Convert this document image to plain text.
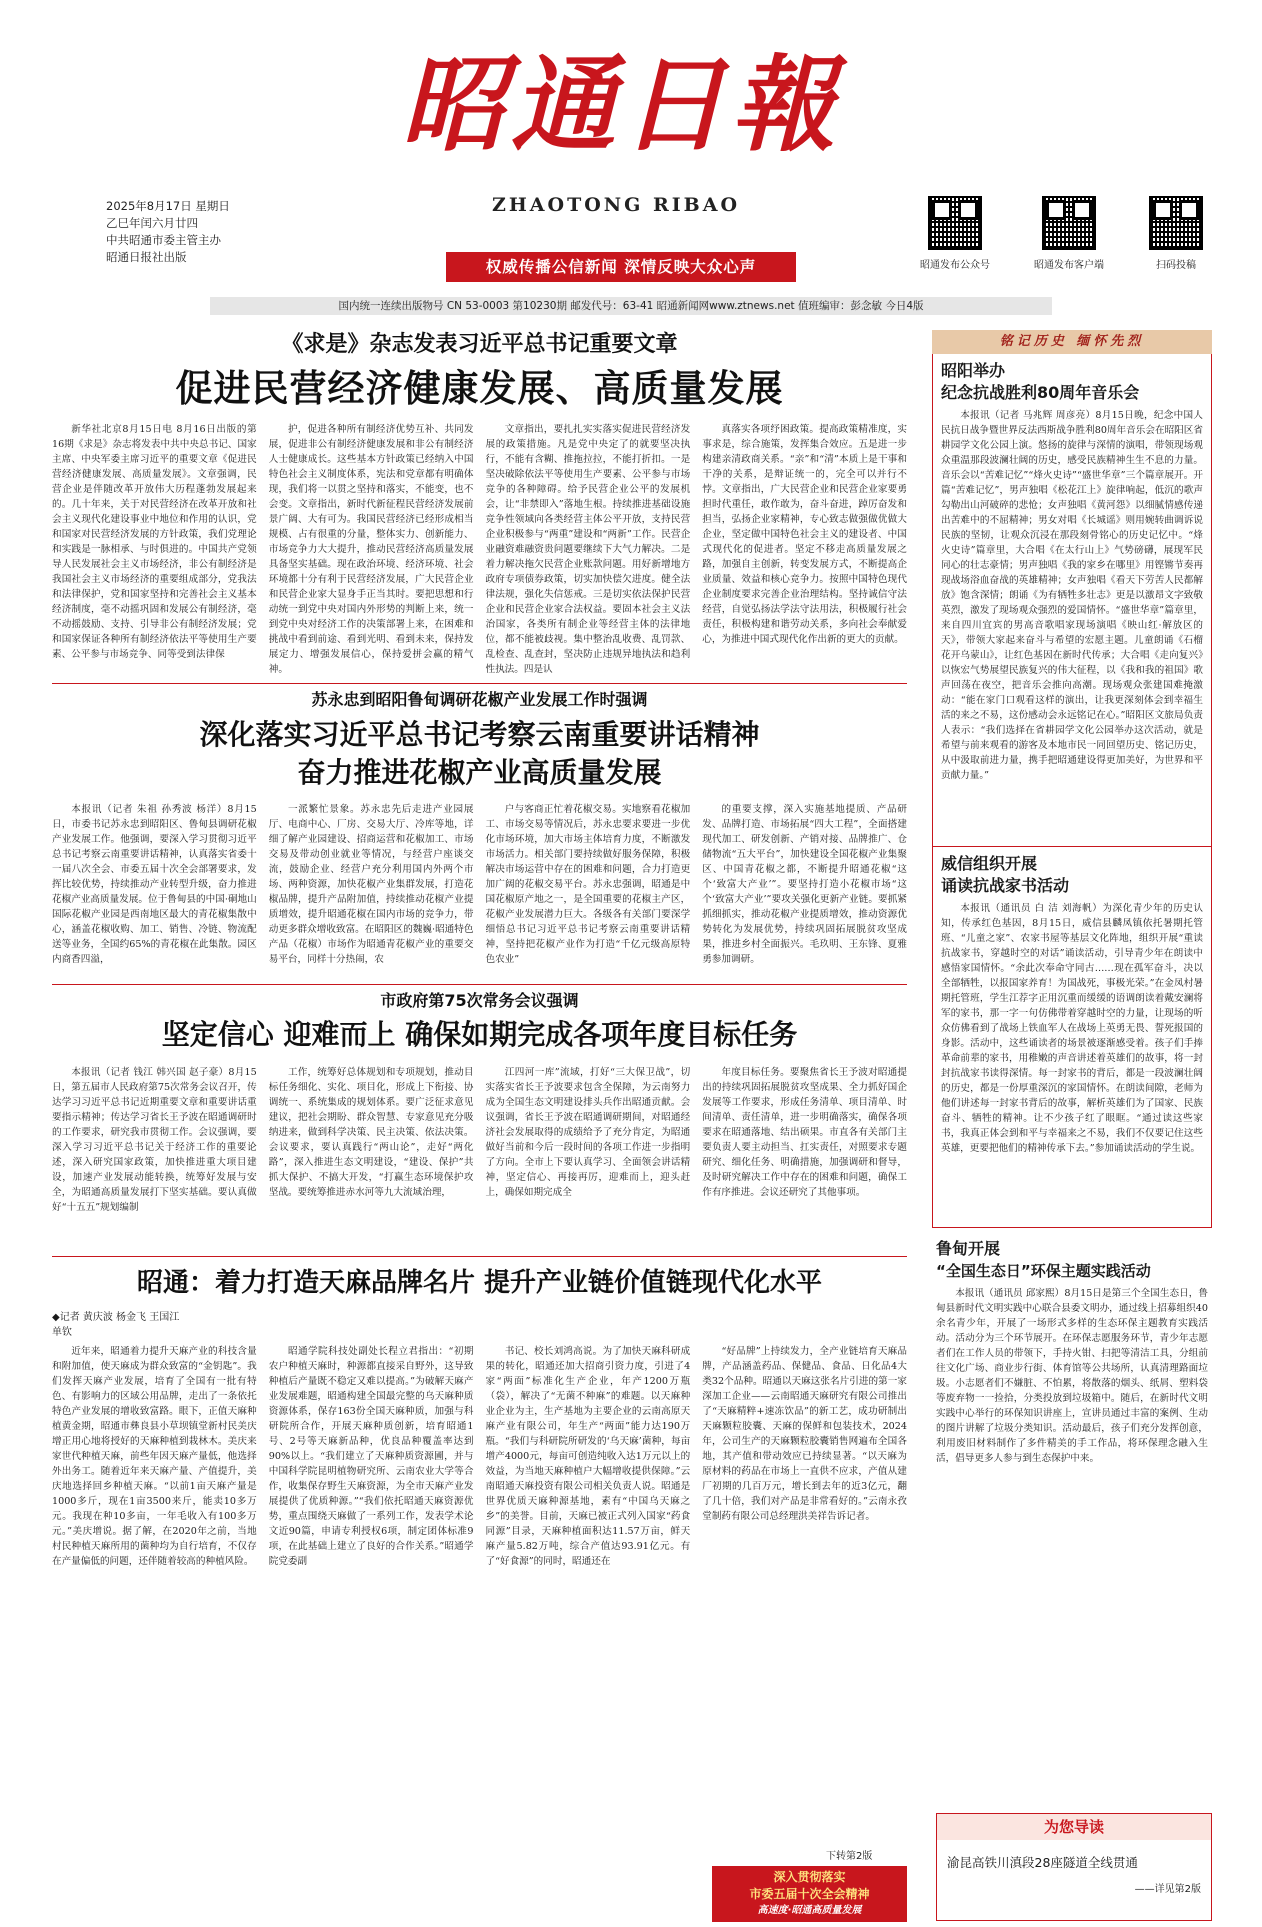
昭通日報
ZHAOTONG RIBAO
2025年8月17日 星期日
乙巳年闰六月廿四
中共昭通市委主管主办
昭通日报社出版
权威传播公信新闻 深情反映大众心声	昭通发布公众号	昭通发布客户端	扫码投稿
国内统一连续出版物号 CN 53-0003 第10230期 邮发代号：63-41 昭通新闻网www.ztnews.net 值班编审：彭念敏 今日4版
《求是》杂志发表习近平总书记重要文章
促进民营经济健康发展、高质量发展

新华社北京8月15日电 8月16日出版的第16期《求是》杂志将发表中共中央总书记、国家主席、中央军委主席习近平的重要文章《促进民营经济健康发展、高质量发展》。文章强调，民营企业是伴随改革开放伟大历程蓬勃发展起来的。几十年来，关于对民营经济在改革开放和社会主义现代化建设事业中地位和作用的认识，党和国家对民营经济发展的方针政策，我们党理论和实践是一脉相承、与时俱进的。中国共产党领导人民发展社会主义市场经济，非公有制经济是我国社会主义市场经济的重要组成部分，党我法和法律保护，党和国家坚持和完善社会主义基本经济制度，毫不动摇巩固和发展公有制经济，毫不动摇鼓励、支持、引导非公有制经济发展；党和国家保证各种所有制经济依法平等使用生产要素、公平参与市场竞争、同等受到法律保

护，促进各种所有制经济优势互补、共同发展，促进非公有制经济健康发展和非公有制经济人士健康成长。这些基本方针政策已经纳入中国特色社会主义制度体系，宪法和党章都有明确体现，我们将一以贯之坚持和落实，不能变，也不会变。文章指出，新时代新征程民营经济发展前景广阔、大有可为。我国民营经济已经形成相当规模、占有很重的分量，整体实力、创新能力、市场竞争力大大提升，推动民营经济高质量发展具备坚实基础。现在政治环境、经济环境、社会环境都十分有利于民营经济发展，广大民营企业和民营企业家大显身手正当其时。要把思想和行动统一到党中央对国内外形势的判断上来，统一到党中央对经济工作的决策部署上来，在困难和挑战中看到前途、看到光明、看到未来，保持发展定力、增强发展信心，保持爱拼会赢的精气神。

文章指出，要扎扎实实落实促进民营经济发展的政策措施。凡是党中央定了的就要坚决执行，不能有含糊、推拖拉拉，不能打折扣。一是坚决破除依法平等使用生产要素、公平参与市场竞争的各种障碍。给予民营企业公平的发展机会，让“非禁即入”落地生根。持续推进基础设施竞争性领域向各类经营主体公平开放，支持民营企业积极参与“两重”建设和“两新”工作。民营企业融资难融资贵问题要继续下大气力解决。二是着力解决拖欠民营企业账款问题。用好新增地方政府专项债券政策，切实加快偿欠进度。健全法律法规，强化失信惩戒。三是切实依法保护民营企业和民营企业家合法权益。要固本社会主义法治国家，各类所有制企业等经营主体的法律地位，都不能被歧视。集中整治乱收费、乱罚款、乱检查、乱查封，坚决防止违规异地执法和趋利性执法。四是认

真落实各项纾困政策。提高政策精准度，实事求是，综合施策，发挥集合效应。五是进一步构建亲清政商关系。“亲”和“清”本质上是干事和干净的关系，是辩证统一的，完全可以并行不悖。文章指出，广大民营企业和民营企业家要勇担时代重任，敢作敢为，奋斗奋进，踔厉奋发和担当，弘扬企业家精神，专心致志做强做优做大企业，坚定做中国特色社会主义的建设者、中国式现代化的促进者。坚定不移走高质量发展之路，加强自主创新，转变发展方式，不断提高企业质量、效益和核心竞争力。按照中国特色现代企业制度要求完善企业治理结构。坚持诚信守法经营，自觉弘扬法学法守法用法，积极履行社会责任，积极构建和谐劳动关系，多向社会奉献爱心，为推进中国式现代化作出新的更大的贡献。

苏永忠到昭阳鲁甸调研花椒产业发展工作时强调
深化落实习近平总书记考察云南重要讲话精神
奋力推进花椒产业高质量发展

本报讯（记者 朱祖 孙秀波 杨洋）8月15日，市委书记苏永忠到昭阳区、鲁甸县调研花椒产业发展工作。他强调，要深入学习贯彻习近平总书记考察云南重要讲话精神，认真落实省委十一届八次全会、市委五届十次全会部署要求，发挥比较优势，持续推动产业转型升级，奋力推进花椒产业高质量发展。位于鲁甸县的中国·硐地山国际花椒产业园是西南地区最大的青花椒集散中心，涵盖花椒收购、加工、销售、冷链、物流配送等业务，全国约65%的青花椒在此集散。园区内商香四溢，

一派繁忙景象。苏永忠先后走进产业园展厅、电商中心、厂房、交易大厅、冷库等地，详细了解产业园建设、招商运营和花椒加工、市场交易及带动创业就业等情况，与经营户座谈交流，鼓励企业、经营户充分利用国内外两个市场、两种资源，加快花椒产业集群发展，打造花椒品牌，提升产品附加值，持续推动花椒产业提质增效，提升昭通花椒在国内市场的竞争力，带动更多群众增收致富。在昭阳区的魏巍·昭通特色产品（花椒）市场作为昭通青花椒产业的重要交易平台，同样十分热闹，农

户与客商正忙着花椒交易。实地察看花椒加工、市场交易等情况后，苏永忠要求要进一步优化市场环境，加大市场主体培育力度，不断激发市场活力。相关部门要持续做好服务保障，积极解决市场运营中存在的困难和问题，合力打造更加广阔的花椒交易平台。苏永忠强调，昭通是中国花椒原产地之一，是全国重要的花椒主产区，花椒产业发展潜力巨大。各级各有关部门要深学细悟总书记习近平总书记考察云南重要讲话精神，坚持把花椒产业作为打造“千亿元级高原特色农业”

的重要支撑，深入实施基地提质、产品研发、品牌打造、市场拓展“四大工程”，全面搭建现代加工、研发创新、产销对接、品牌推广、仓储物流“五大平台”，加快建设全国花椒产业集聚区、中国青花椒之都，不断提升昭通花椒“这个‘致富大产业’”。要坚持打造小花椒市场“这个‘致富大产业’”要攻关强化更新产业链。要抓紧抓细抓实，推动花椒产业提质增效，推动资源优势转化为发展优势，持续巩固拓展脱贫攻坚成果，推进乡村全面振兴。毛玖明、王东锋、夏雅勇参加调研。

市政府第75次常务会议强调
坚定信心 迎难而上 确保如期完成各项年度目标任务

本报讯（记者 钱江 韩兴国 赵子豪）8月15日，第五届市人民政府第75次常务会议召开，传达学习习近平总书记近期重要文章和重要讲话重要指示精神；传达学习省长王予波在昭通调研时的工作要求，研究我市贯彻工作。会议强调，要深入学习习近平总书记关于经济工作的重要论述，深入研究国家政策，加快推进重大项目建设，加速产业发展动能转换，统筹好发展与安全，为昭通高质量发展打下坚实基础。要认真做好“十五五”规划编制

工作，统筹好总体规划和专项规划，推动目标任务细化、实化、项目化，形成上下衔接、协调统一、系统集成的规划体系。要广泛征求意见建议，把社会期盼、群众智慧、专家意见充分吸纳进来，做到科学决策、民主决策、依法决策。会议要求，要认真践行“两山论”，走好“两化路”，深入推进生态文明建设，“建设、保护”共抓大保护、不搞大开发，“打赢生态环境保护攻坚战。要统筹推进赤水河等九大流域治理，

江四河一库”流域，打好“三大保卫战”，切实落实省长王予波要求包含全保障，为云南努力成为全国生态文明建设排头兵作出昭通贡献。会议强调，省长王予波在昭通调研期间，对昭通经济社会发展取得的成绩给予了充分肯定，为昭通做好当前和今后一段时间的各项工作进一步指明了方向。全市上下要认真学习、全面领会讲话精神，坚定信心、再接再厉，迎难而上，迎头赶上，确保如期完成全

年度目标任务。要聚焦省长王予波对昭通提出的持续巩固拓展脱贫攻坚成果、全力抓好国企发展等工作要求，形成任务清单、项目清单、时间清单、责任清单，进一步明确落实，确保各项要求在昭通落地、结出硕果。市直各有关部门主要负责人要主动担当、扛实责任，对照要求专题研究、细化任务、明确措施，加强调研和督导，及时研究解决工作中存在的困难和问题，确保工作有序推进。会议还研究了其他事项。

昭通：着力打造天麻品牌名片 提升产业链价值链现代化水平
◆记者 黄庆波 杨金飞 王国江 单钦

近年来，昭通着力提升天麻产业的科技含量和附加值，使天麻成为群众致富的“金钥匙”。我们发挥天麻产业发展，培育了全国有一批有特色、有影响力的区域公用品牌，走出了一条依托特色产业发展的增收致富路。眼下，正值天麻种植黄金期，昭通市彝良县小草坝镇堂新村民美庆增正用心地将授好的天麻种植到栽林木。美庆来家世代种植天麻，前些年因天麻产量低，他选择外出务工。随着近年来天麻产量、产值提升，美庆地选择回乡种植天麻。“以前1亩天麻产量是1000多斤，现在1亩3500来斤，能卖10多万元。我现在种10多亩，一年毛收入有100多万元。”美庆增说。据了解，在2020年之前，当地村民种植天麻所用的菌种均为自行培育，不仅存在产量偏低的问题，还伴随着较高的种植风险。

昭通学院科技处副处长程立君指出：“初期农户种植天麻时，种源都直接采自野外，这导致种植后产量既不稳定又难以提高。”为破解天麻产业发展难题，昭通构建全国最完整的乌天麻种质资源体系，保存163份全国天麻种质，加强与科研院所合作，开展天麻种质创新，培育昭通1号、2号等天麻新品种，优良品种覆盖率达到90%以上。“我们建立了天麻种质资源圃，并与中国科学院昆明植物研究所、云南农业大学等合作，收集保存野生天麻资源，为全市天麻产业发展提供了优质种源。”“我们依托昭通天麻资源优势，重点围绕天麻做了一系列工作，发表学术论文近90篇，申请专利授权6项，制定团体标准9项，在此基础上建立了良好的合作关系。”昭通学院党委副

书记、校长刘鸿高说。为了加快天麻科研成果的转化，昭通还加大招商引资力度，引进了4家“两面”标准化生产企业，年产1200万瓶（袋），解决了“无菌不种麻”的难题。以天麻种业企业为主，生产基地为主要企业的云南高原天麻产业有限公司，年生产“两面”能力达190万瓶。“我们与科研院所研发的‘乌天麻’菌种，每亩增产4000元，每亩可创造纯收入达1万元以上的效益，为当地天麻种植户大幅增收提供保障。”云南昭通天麻投资有限公司相关负责人说。昭通是世界优质天麻种源基地，素有“中国乌天麻之乡”的美誉。目前，天麻已被正式列入国家“药食同源”目录，天麻种植面积达11.57万亩，鲜天麻产量5.82万吨，综合产值达93.91亿元。有了“好食源”的同时，昭通还在

“好品牌”上持续发力，全产业链培育天麻品牌，产品涵盖药品、保健品、食品、日化品4大类32个品种。昭通以天麻这张名片引进的第一家深加工企业——云南昭通天麻研究有限公司推出了“天麻精粹+速冻饮品”的新工艺，成功研制出天麻颗粒胶囊、天麻的保鲜和包装技术，2024年，公司生产的天麻颗粒胶囊销售网遍布全国各地，其产值和带动效应已持续显著。“以天麻为原材料的药品在市场上一直供不应求，产值从建厂初期的几百万元，增长到去年的近3亿元，翻了几十倍，我们对产品是非常看好的。”云南永孜堂制药有限公司总经理洪美祥告诉记者。

下转第2版
深入贯彻落实
市委五届十次全会精神
高速度·昭通高质量发展
铭记历史 缅怀先烈
昭阳举办
纪念抗战胜利80周年音乐会

本报讯（记者 马兆辉 周彦亮）8月15日晚，纪念中国人民抗日战争暨世界反法西斯战争胜利80周年音乐会在昭阳区省耕园学文化公园上演。悠扬的旋律与深情的演唱，带领现场观众重温那段波澜壮阔的历史，感受民族精神生生不息的力量。音乐会以“苦难记忆”“烽火史诗”“盛世华章”三个篇章展开。开篇“苦难记忆”，男声独唱《松花江上》旋律响起，低沉的歌声勾勒出山河破碎的悲怆；女声独唱《黄河怨》以细腻情感传递出苦难中的不屈精神；男女对唱《长城谣》则用婉转曲调诉说民族的坚韧，让观众沉浸在那段刻骨铭心的历史记忆中。“烽火史诗”篇章里，大合唱《在太行山上》气势磅礴，展现军民同心的壮志豪情；男声独唱《我的家乡在哪里》用铿锵节奏再现战场浴血奋战的英雄精神；女声独唱《看天下劳苦人民都解放》饱含深情；朗诵《为有牺牲多壮志》更是以激昂文字致敬英烈，激发了现场观众强烈的爱国情怀。“盛世华章”篇章里，来自四川宜宾的男高音歌唱家现场演唱《映山红·解放区的天》，带领大家起来奋斗与希望的宏愿主题。儿童朗诵《石榴花开乌蒙山》，让红色基因在新时代传承；大合唱《走向复兴》以恢宏气势展望民族复兴的伟大征程，以《我和我的祖国》歌声回荡在夜空，把音乐会推向高潮。现场观众张建国难掩激动：“能在家门口观看这样的演出，让我更深刻体会到幸福生活的来之不易，这份感动会永远铭记在心。”昭阳区文旅局负责人表示：“我们选择在省耕园学文化公园举办这次活动，就是希望与前来观看的游客及本地市民一同回望历史、铭记历史，从中汲取前进力量，携手把昭通建设得更加美好，为世界和平贡献力量。”

威信组织开展
诵读抗战家书活动

本报讯（通讯员 白 洁 刘海帆）为深化青少年的历史认知，传承红色基因，8月15日，威信县麟凤镇依托暑期托管班、“儿童之家”、农家书屋等基层文化阵地，组织开展“重读抗战家书，穿越时空的对话”诵读活动，引导青少年在朗读中感悟家国情怀。“余此次奉命守同古……现在孤军奋斗，决以全部牺牲，以报国家养育！为国战死，事极光荣。”在金凤村暑期托管班，学生江荐字正用沉重而缓缓的语调朗读着戴安澜将军的家书，那一字一句仿佛带着穿越时空的力量，让现场的听众仿佛看到了战场上铁血军人在战场上英勇无畏、誓死报国的身影。活动中，这些诵读者的场景被逐渐感受着。孩子们手捧革命前辈的家书，用稚嫩的声音讲述着英雄们的故事，将一封封抗战家书读得深情。每一封家书的背后，都是一段波澜壮阔的历史，都是一份厚重深沉的家国情怀。在朗读间隙，老师为他们讲述每一封家书背后的故事，解析英雄们为了国家、民族奋斗、牺牲的精神。让不少孩子红了眼眶。“通过读这些家书，我真正体会到和平与幸福来之不易，我们不仅要记住这些英雄，更要把他们的精神传承下去。”参加诵读活动的学生说。

鲁甸开展
“全国生态日”环保主题实践活动

本报讯（通讯员 邱家熙）8月15日是第三个全国生态日，鲁甸县新时代文明实践中心联合县委文明办，通过线上招募组织40余名青少年，开展了一场形式多样的生态环保主题教育实践活动。活动分为三个环节展开。在环保志愿服务环节，青少年志愿者们在工作人员的带领下，手持火钳、扫把等清洁工具，分组前往文化广场、商业步行街、体育馆等公共场所，认真清理路面垃圾。小志愿者们不嫌脏、不怕累，将散落的烟头、纸屑、塑料袋等废弃物一一捡拾，分类投放到垃圾箱中。随后，在新时代文明实践中心举行的环保知识讲座上，宣讲员通过丰富的案例、生动的图片讲解了垃圾分类知识。活动最后，孩子们充分发挥创意，利用废旧材料制作了多件精美的手工作品，将环保理念融入生活，倡导更多人参与到生态保护中来。

为您导读
渝昆高铁川滇段28座隧道全线贯通
——详见第2版
